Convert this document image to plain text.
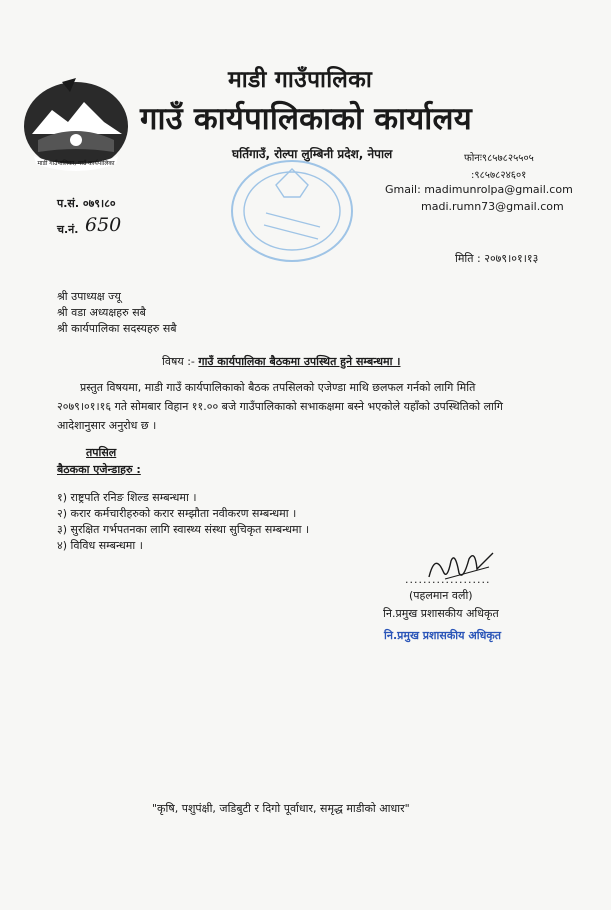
माडी गाउँपालिका, गाउँ कार्यपालिका
माडी गाउँपालिका
गाउँ कार्यपालिकाको कार्यालय
घर्तिगाउँ, रोल्पा लुम्बिनी प्रदेश, नेपाल	फोनः९८५७८२५५०५
:९८५७८२४६०१
Gmail: madimunrolpa@gmail.com
madi.rumn73@gmail.com
प.सं. ०७९।८०
च.नं. 650
मिति : २०७९।०१।१३
श्री उपाध्यक्ष ज्यू
श्री वडा अध्यक्षहरु सबै
श्री कार्यपालिका सदस्यहरु सबै
विषय :- गाउँ कार्यपालिका बैठकमा उपस्थित हुने सम्बन्धमा ।
प्रस्तुत विषयमा, माडी गाउँ कार्यपालिकाको बैठक तपसिलको एजेण्डा माथि छलफल गर्नको लागि मिति
२०७९।०१।१६ गते सोमबार विहान ११.०० बजे गाउँपालिकाको सभाकक्षमा बस्ने भएकोले यहाँको उपस्थितिको लागि
आदेशानुसार अनुरोध छ ।
तपसिल
बैठकका एजेन्डाहरु :
१) राष्ट्रपति रनिङ शिल्ड सम्बन्धमा ।
२) करार कर्मचारीहरुको करार सम्झौता नवीकरण सम्बन्धमा ।
३) सुरक्षित गर्भपतनका लागि स्वास्थ्य संस्था सुचिकृत सम्बन्धमा ।
४) विविध सम्बन्धमा ।
...................
(पहलमान वली)
नि.प्रमुख प्रशासकीय अधिकृत
नि.प्रमुख प्रशासकीय अधिकृत
"कृषि, पशुपंक्षी, जडिबुटी र दिगो पूर्वाधार, समृद्ध माडीको आधार"
